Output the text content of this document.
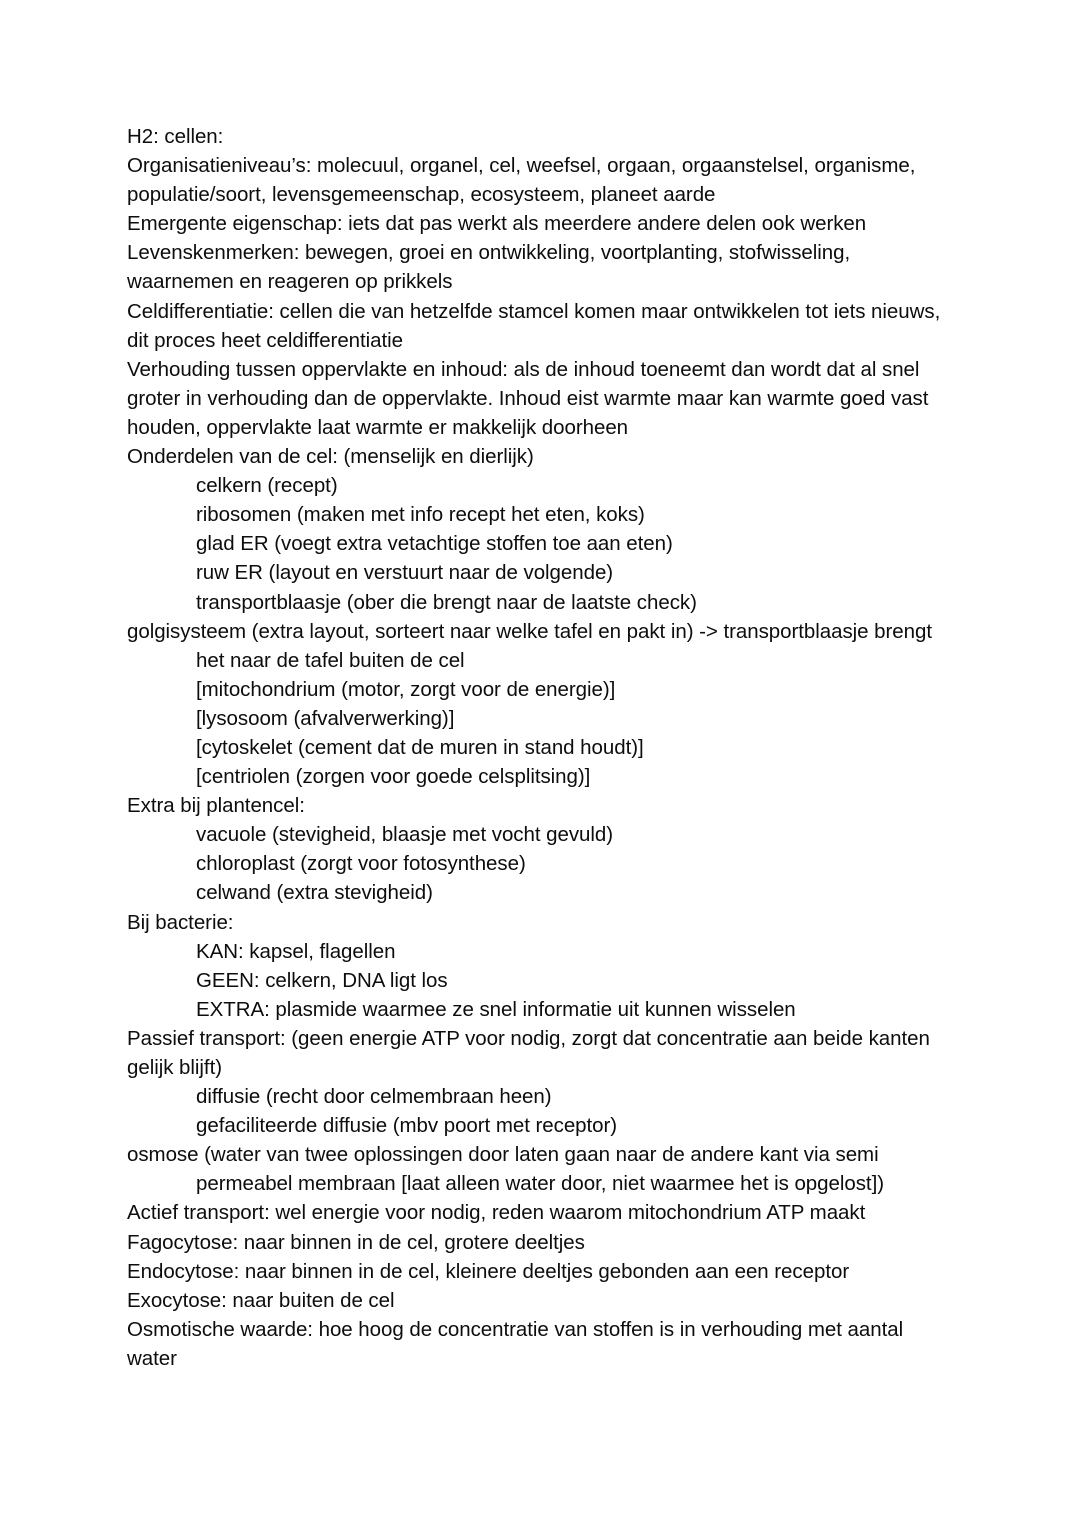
H2: cellen:
Organisatieniveau’s: molecuul, organel, cel, weefsel, orgaan, orgaanstelsel, organisme, populatie/soort, levensgemeenschap, ecosysteem, planeet aarde
Emergente eigenschap: iets dat pas werkt als meerdere andere delen ook werken
Levenskenmerken: bewegen, groei en ontwikkeling, voortplanting, stofwisseling, waarnemen en reageren op prikkels
Celdifferentiatie: cellen die van hetzelfde stamcel komen maar ontwikkelen tot iets nieuws, dit proces heet celdifferentiatie
Verhouding tussen oppervlakte en inhoud: als de inhoud toeneemt dan wordt dat al snel groter in verhouding dan de oppervlakte. Inhoud eist warmte maar kan warmte goed vast houden, oppervlakte laat warmte er makkelijk doorheen
Onderdelen van de cel: (menselijk en dierlijk)
celkern (recept)
ribosomen (maken met info recept het eten, koks)
glad ER (voegt extra vetachtige stoffen toe aan eten)
ruw ER (layout en verstuurt naar de volgende)
transportblaasje (ober die brengt naar de laatste check)
golgisysteem (extra layout, sorteert naar welke tafel en pakt in) -> transportblaasje brengt het naar de tafel buiten de cel
[mitochondrium (motor, zorgt voor de energie)]
[lysosoom (afvalverwerking)]
[cytoskelet (cement dat de muren in stand houdt)]
[centriolen (zorgen voor goede celsplitsing)]
Extra bij plantencel:
vacuole (stevigheid, blaasje met vocht gevuld)
chloroplast (zorgt voor fotosynthese)
celwand (extra stevigheid)
Bij bacterie:
KAN: kapsel, flagellen
GEEN: celkern, DNA ligt los
EXTRA: plasmide waarmee ze snel informatie uit kunnen wisselen
Passief transport: (geen energie ATP voor nodig, zorgt dat concentratie aan beide kanten gelijk blijft)
diffusie (recht door celmembraan heen)
gefaciliteerde diffusie (mbv poort met receptor)
osmose (water van twee oplossingen door laten gaan naar de andere kant via semi permeabel membraan [laat alleen water door, niet waarmee het is opgelost])
Actief transport: wel energie voor nodig, reden waarom mitochondrium ATP maakt
Fagocytose: naar binnen in de cel, grotere deeltjes
Endocytose: naar binnen in de cel, kleinere deeltjes gebonden aan een receptor
Exocytose: naar buiten de cel
Osmotische waarde: hoe hoog de concentratie van stoffen is in verhouding met aantal water
